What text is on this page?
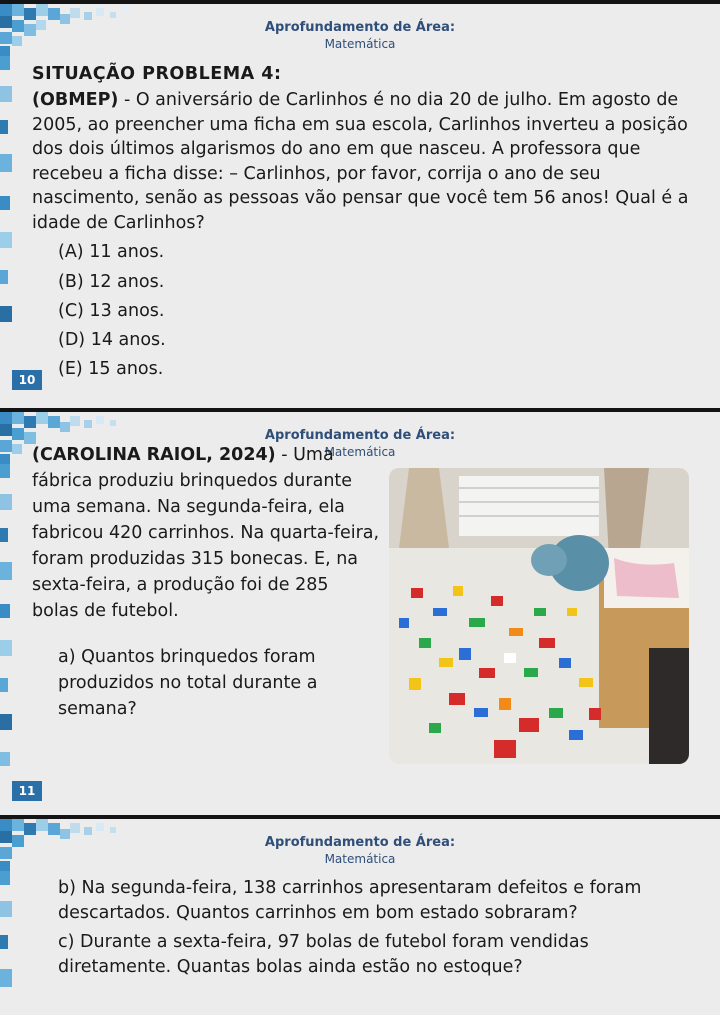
Aprofundamento de Área:
Matemática
SITUAÇÃO PROBLEMA 4:

(OBMEP) - O aniversário de Carlinhos é no dia 20 de julho. Em agosto de 2005, ao preencher uma ficha em sua escola, Carlinhos inverteu a posição dos dois últimos algarismos do ano em que nasceu. A professora que recebeu a ficha disse: – Carlinhos, por favor, corrija o ano de seu nascimento, senão as pessoas vão pensar que você tem 56 anos! Qual é a idade de Carlinhos?

(A) 11 anos.
(B) 12 anos.
(C) 13 anos.
(D) 14 anos.
(E) 15 anos.
10
Aprofundamento de Área:
Matemática

(CAROLINA RAIOL, 2024) - Uma fábrica produziu brinquedos durante uma semana. Na segunda-feira, ela fabricou 420 carrinhos. Na quarta-feira, foram produzidas 315 bonecas. E, na sexta-feira, a produção foi de 285 bolas de futebol.

a) Quantos brinquedos foram produzidos no total durante a semana?

11
Aprofundamento de Área:
Matemática

b) Na segunda-feira, 138 carrinhos apresentaram defeitos e foram descartados. Quantos carrinhos em bom estado sobraram?

c) Durante a sexta-feira, 97 bolas de futebol foram vendidas diretamente. Quantas bolas ainda estão no estoque?
